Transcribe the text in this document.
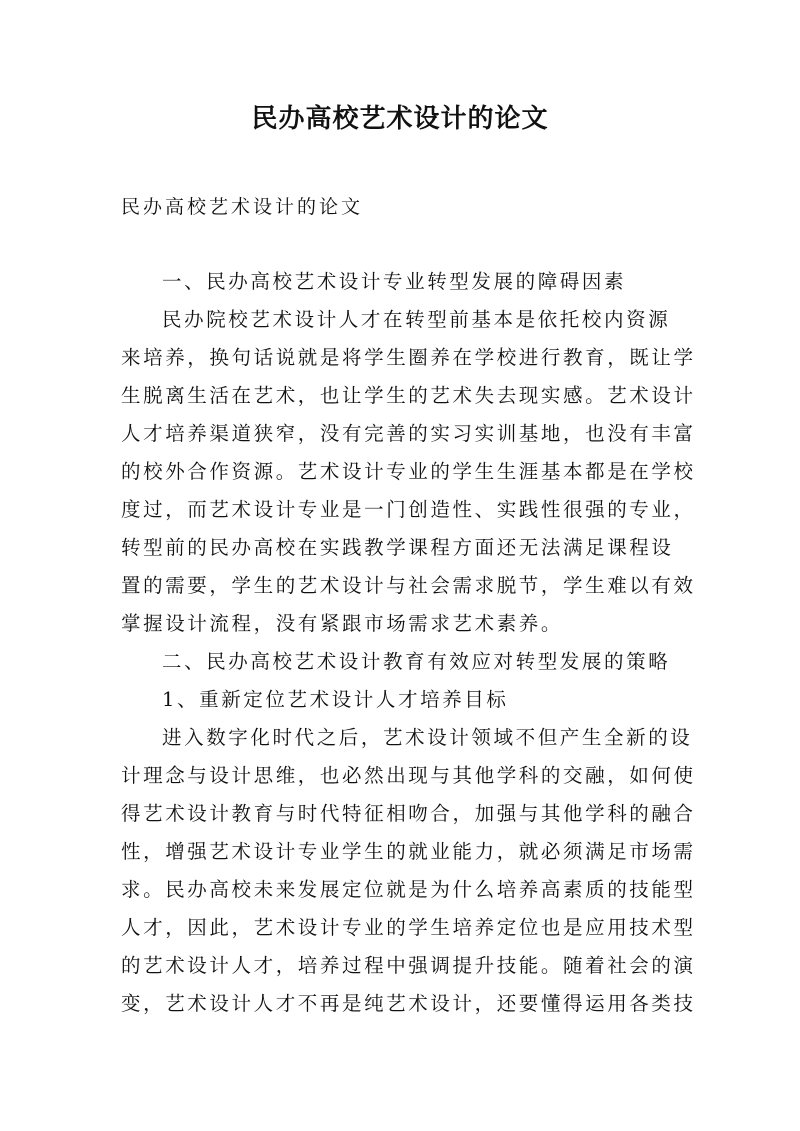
民办高校艺术设计的论文
民办高校艺术设计的论文
一、民办高校艺术设计专业转型发展的障碍因素
民办院校艺术设计人才在转型前基本是依托校内资源
来培养，换句话说就是将学生圈养在学校进行教育，既让学
生脱离生活在艺术，也让学生的艺术失去现实感。艺术设计
人才培养渠道狭窄，没有完善的实习实训基地，也没有丰富
的校外合作资源。艺术设计专业的学生生涯基本都是在学校
度过，而艺术设计专业是一门创造性、实践性很强的专业，
转型前的民办高校在实践教学课程方面还无法满足课程设
置的需要，学生的艺术设计与社会需求脱节，学生难以有效
掌握设计流程，没有紧跟市场需求艺术素养。
二、民办高校艺术设计教育有效应对转型发展的策略
1、重新定位艺术设计人才培养目标
进入数字化时代之后，艺术设计领域不但产生全新的设
计理念与设计思维，也必然出现与其他学科的交融，如何使
得艺术设计教育与时代特征相吻合，加强与其他学科的融合
性，增强艺术设计专业学生的就业能力，就必须满足市场需
求。民办高校未来发展定位就是为什么培养高素质的技能型
人才，因此，艺术设计专业的学生培养定位也是应用技术型
的艺术设计人才，培养过程中强调提升技能。随着社会的演
变，艺术设计人才不再是纯艺术设计，还要懂得运用各类技
